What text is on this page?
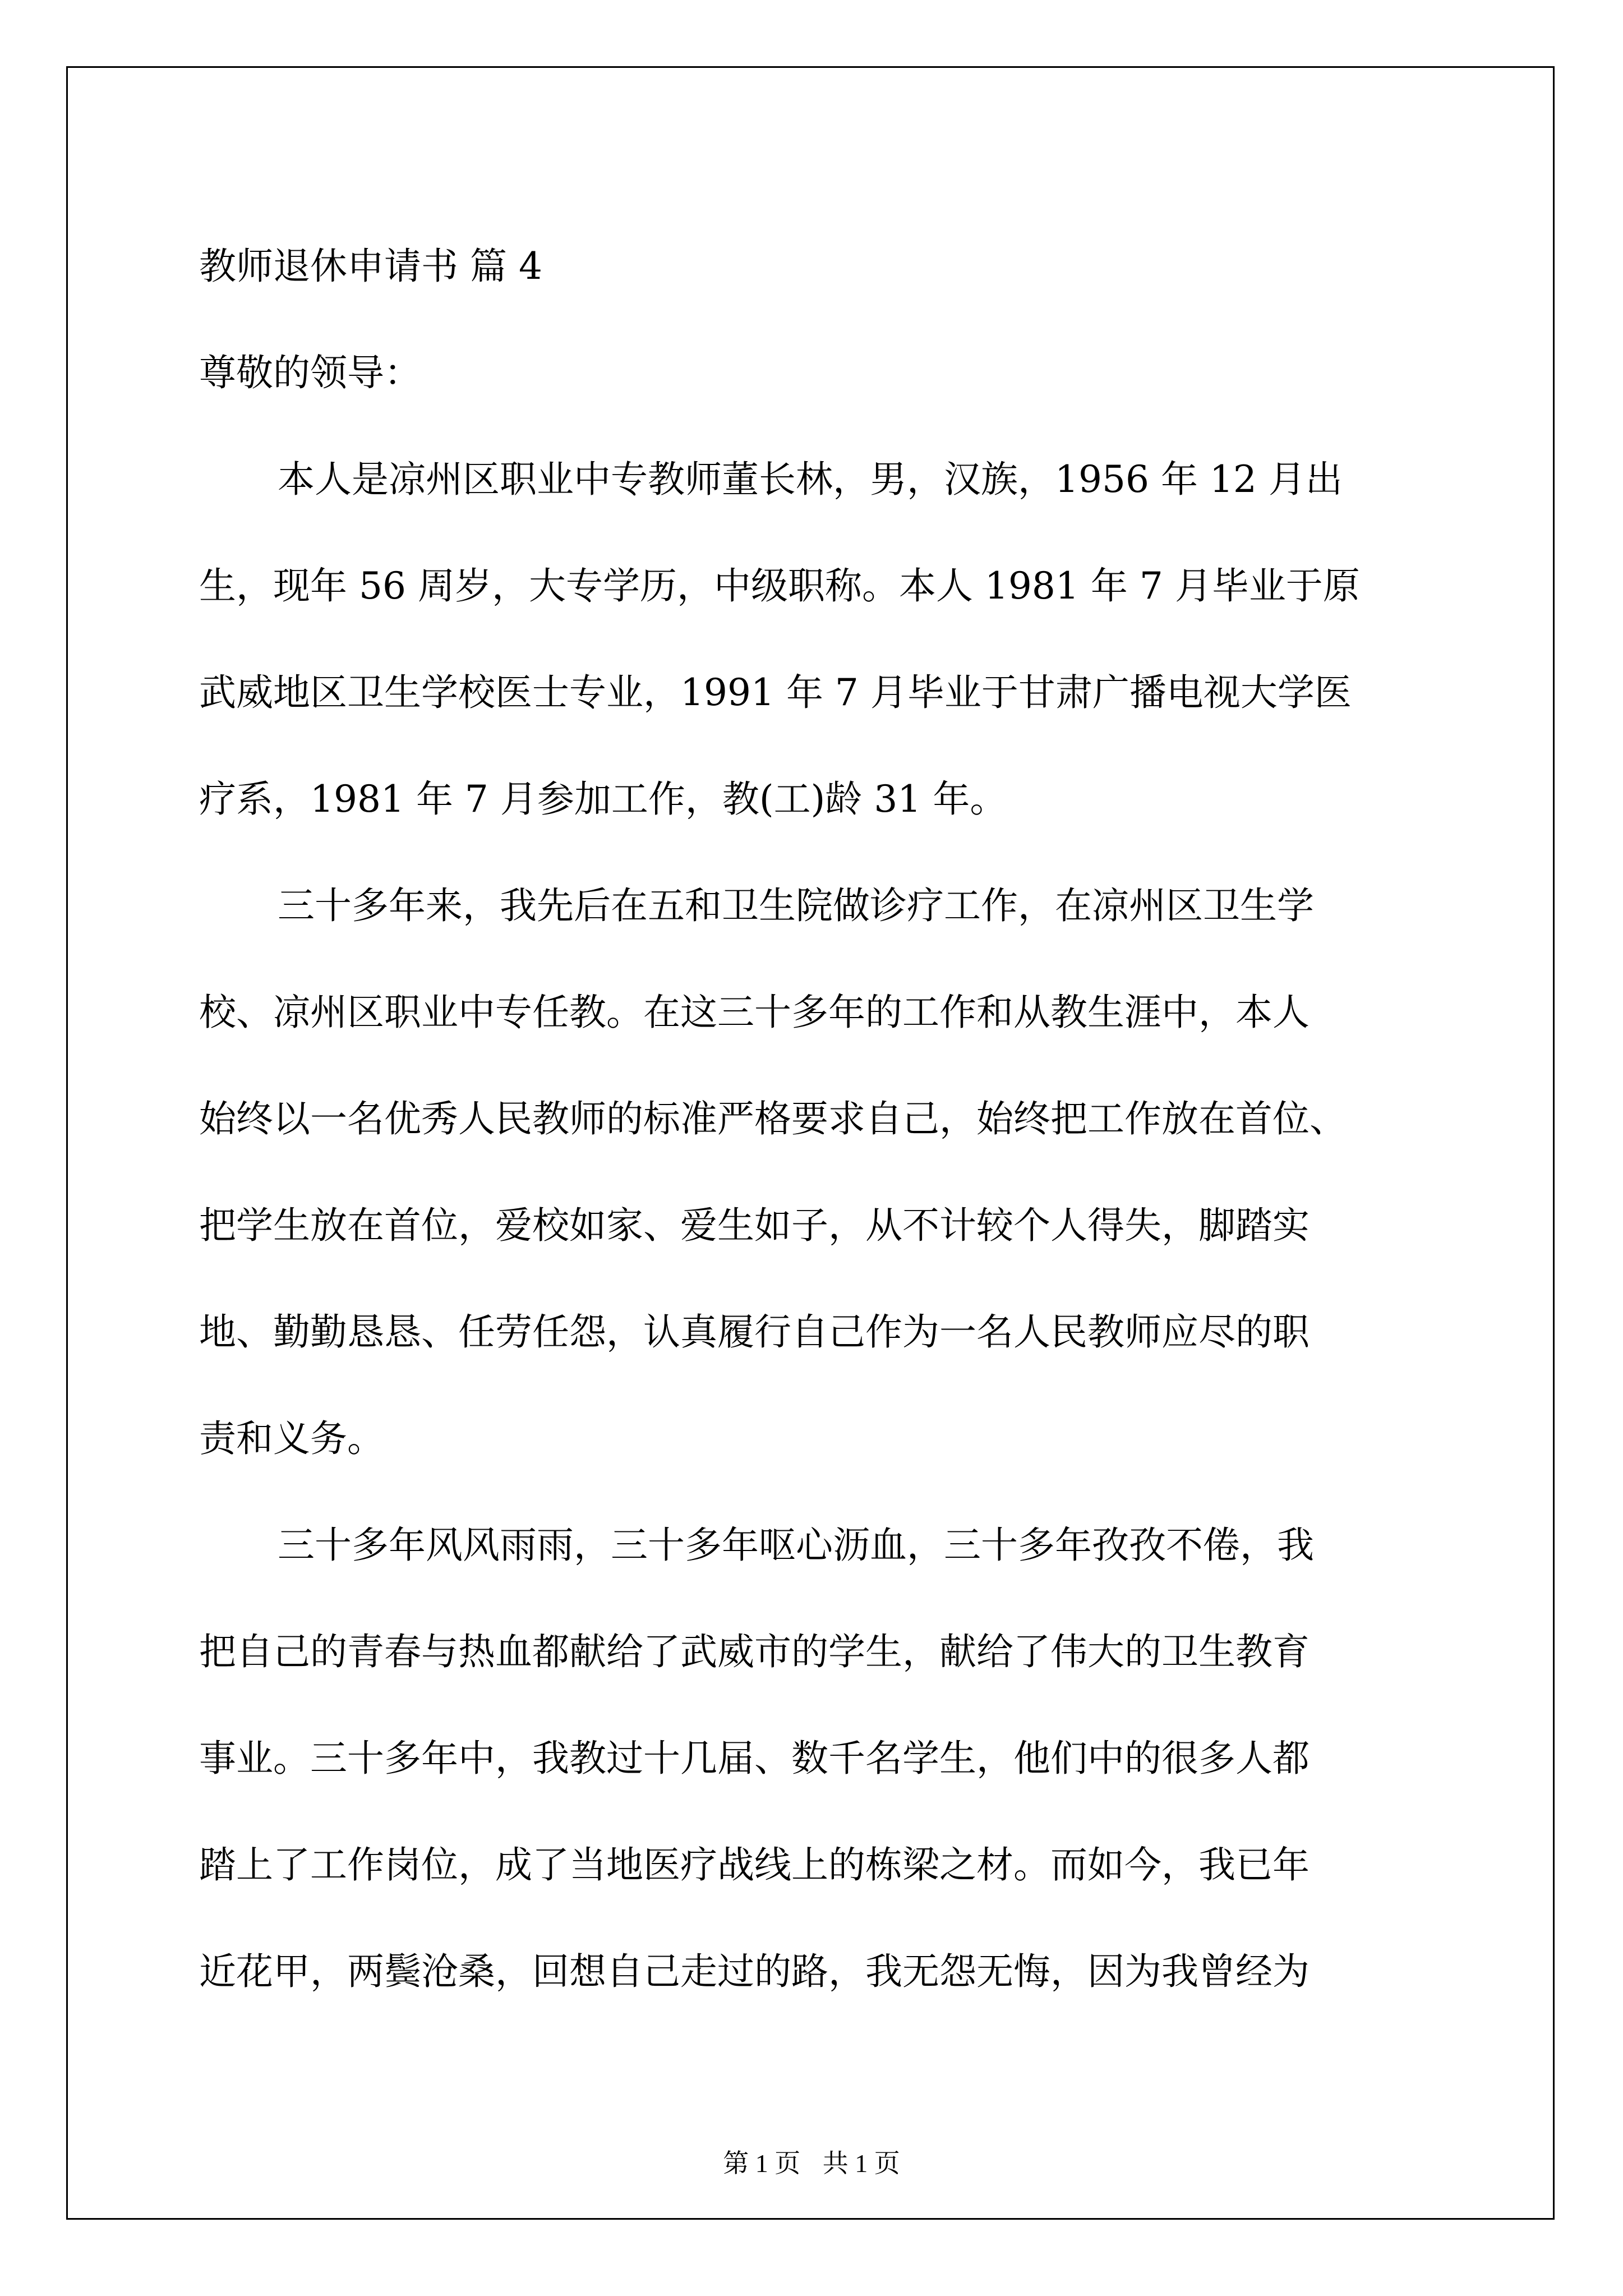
教师退休申请书 篇 4

尊敬的领导：

本人是凉州区职业中专教师董长林，男，汉族，1956 年 12 月出

生，现年 56 周岁，大专学历，中级职称。本人 1981 年 7 月毕业于原

武威地区卫生学校医士专业，1991 年 7 月毕业于甘肃广播电视大学医

疗系，1981 年 7 月参加工作，教(工)龄 31 年。

三十多年来，我先后在五和卫生院做诊疗工作，在凉州区卫生学

校、凉州区职业中专任教。在这三十多年的工作和从教生涯中，本人

始终以一名优秀人民教师的标准严格要求自己，始终把工作放在首位、

把学生放在首位，爱校如家、爱生如子，从不计较个人得失，脚踏实

地、勤勤恳恳、任劳任怨，认真履行自己作为一名人民教师应尽的职

责和义务。

三十多年风风雨雨，三十多年呕心沥血，三十多年孜孜不倦，我

把自己的青春与热血都献给了武威市的学生，献给了伟大的卫生教育

事业。三十多年中，我教过十几届、数千名学生，他们中的很多人都

踏上了工作岗位，成了当地医疗战线上的栋梁之材。而如今，我已年

近花甲，两鬓沧桑，回想自己走过的路，我无怨无悔，因为我曾经为

第 1 页 共 1 页
